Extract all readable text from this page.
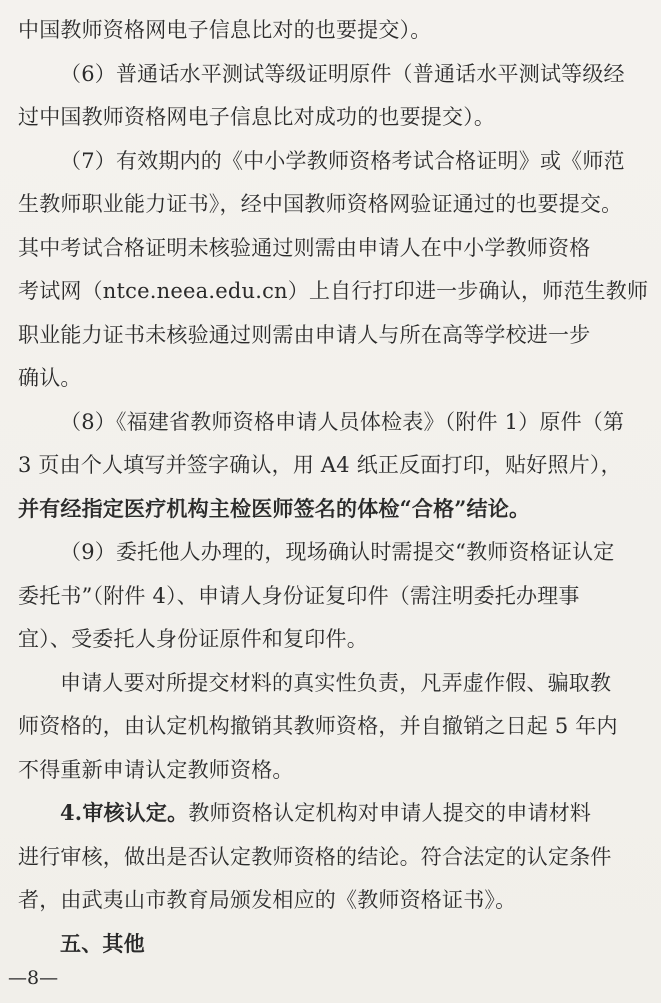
中国教师资格网电子信息比对的也要提交）。
（6）普通话水平测试等级证明原件（普通话水平测试等级经
过中国教师资格网电子信息比对成功的也要提交）。
（7）有效期内的《中小学教师资格考试合格证明》或《师范
生教师职业能力证书》，经中国教师资格网验证通过的也要提交。
其中考试合格证明未核验通过则需由申请人在中小学教师资格
考试网（ntce.neea.edu.cn）上自行打印进一步确认，师范生教师
职业能力证书未核验通过则需由申请人与所在高等学校进一步
确认。
（8）《福建省教师资格申请人员体检表》（附件 1）原件（第
3 页由个人填写并签字确认，用 A4 纸正反面打印，贴好照片），
并有经指定医疗机构主检医师签名的体检“合格”结论。
（9）委托他人办理的，现场确认时需提交“教师资格证认定
委托书”（附件 4）、申请人身份证复印件（需注明委托办理事
宜）、受委托人身份证原件和复印件。
申请人要对所提交材料的真实性负责，凡弄虚作假、骗取教
师资格的，由认定机构撤销其教师资格，并自撤销之日起 5 年内
不得重新申请认定教师资格。
4.审核认定。教师资格认定机构对申请人提交的申请材料
进行审核，做出是否认定教师资格的结论。符合法定的认定条件
者，由武夷山市教育局颁发相应的《教师资格证书》。
五、其他
—8—
